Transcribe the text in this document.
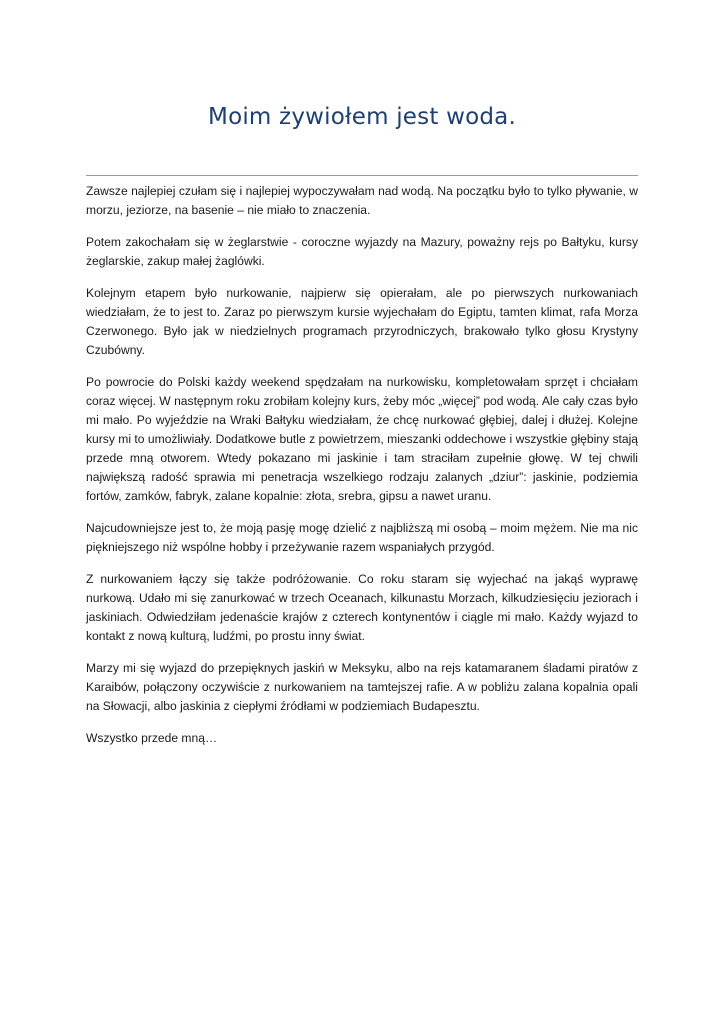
Moim żywiołem jest woda.

Zawsze najlepiej czułam się i najlepiej wypoczywałam nad wodą. Na początku było to tylko pływanie, w morzu, jeziorze, na basenie – nie miało to znaczenia.

Potem zakochałam się w żeglarstwie - coroczne wyjazdy na Mazury, poważny rejs po Bałtyku, kursy żeglarskie, zakup małej żaglówki.

Kolejnym etapem było nurkowanie, najpierw się opierałam, ale po pierwszych nurkowaniach wiedziałam, że to jest to. Zaraz po pierwszym kursie wyjechałam do Egiptu, tamten klimat, rafa Morza Czerwonego. Było jak w niedzielnych programach przyrodniczych, brakowało tylko głosu Krystyny Czubówny.

Po powrocie do Polski każdy weekend spędzałam na nurkowisku, kompletowałam sprzęt i chciałam coraz więcej. W następnym roku zrobiłam kolejny kurs, żeby móc „więcej” pod wodą. Ale cały czas było mi mało. Po wyjeździe na Wraki Bałtyku wiedziałam, że chcę nurkować głębiej, dalej i dłużej. Kolejne kursy mi to umożliwiały. Dodatkowe butle z powietrzem, mieszanki oddechowe i wszystkie głębiny stają przede mną otworem. Wtedy pokazano mi jaskinie i tam straciłam zupełnie głowę. W tej chwili największą radość sprawia mi penetracja wszelkiego rodzaju zalanych „dziur”: jaskinie, podziemia fortów, zamków, fabryk, zalane kopalnie: złota, srebra, gipsu a nawet uranu.

Najcudowniejsze jest to, że moją pasję mogę dzielić z najbliższą mi osobą – moim mężem. Nie ma nic piękniejszego niż wspólne hobby i przeżywanie razem wspaniałych przygód.

Z nurkowaniem łączy się także podróżowanie. Co roku staram się wyjechać na jakąś wyprawę nurkową. Udało mi się zanurkować w trzech Oceanach, kilkunastu Morzach, kilkudziesięciu jeziorach i jaskiniach. Odwiedziłam jedenaście krajów z czterech kontynentów i ciągle mi mało. Każdy wyjazd to kontakt z nową kulturą, ludźmi, po prostu inny świat.

Marzy mi się wyjazd do przepięknych jaskiń w Meksyku, albo na rejs katamaranem śladami piratów z Karaibów, połączony oczywiście z nurkowaniem na tamtejszej rafie. A w pobliżu zalana kopalnia opali na Słowacji, albo jaskinia z ciepłymi źródłami w podziemiach Budapesztu.

Wszystko przede mną…
